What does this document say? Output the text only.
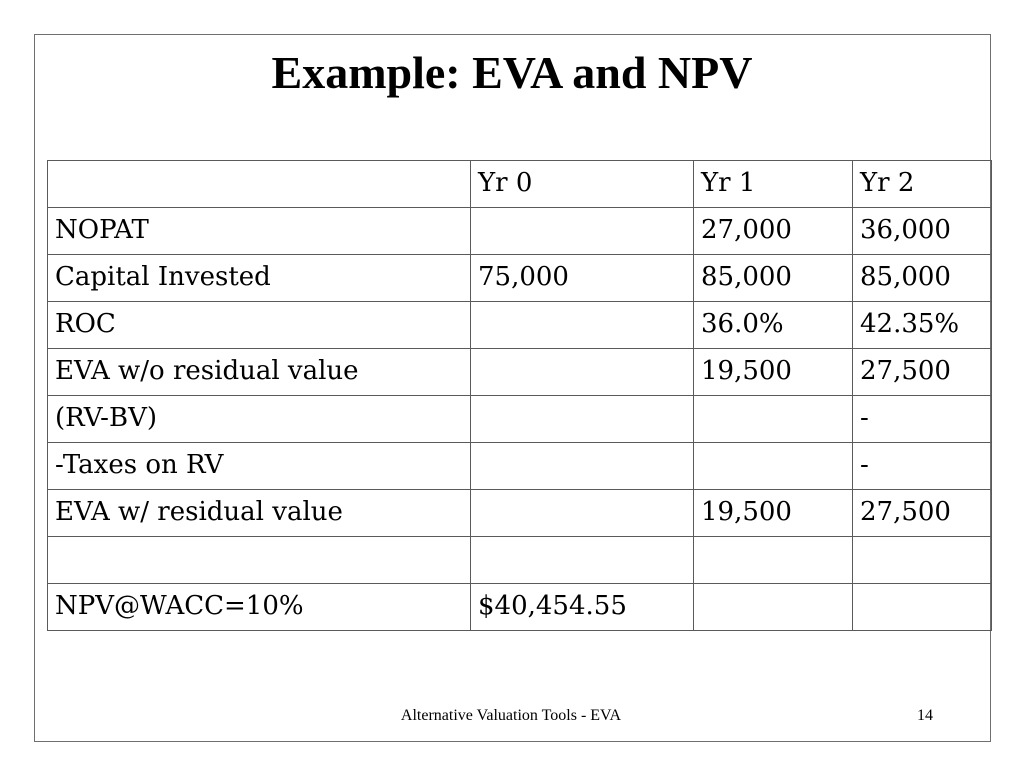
Example: EVA and NPV
	Yr 0	Yr 1	Yr 2
NOPAT		27,000	36,000
Capital Invested	75,000	85,000	85,000
ROC		36.0%	42.35%
EVA w/o residual value		19,500	27,500
(RV-BV)			-
-Taxes on RV			-
EVA w/ residual value		19,500	27,500

NPV@WACC=10%	$40,454.55		
Alternative Valuation Tools - EVA	14
